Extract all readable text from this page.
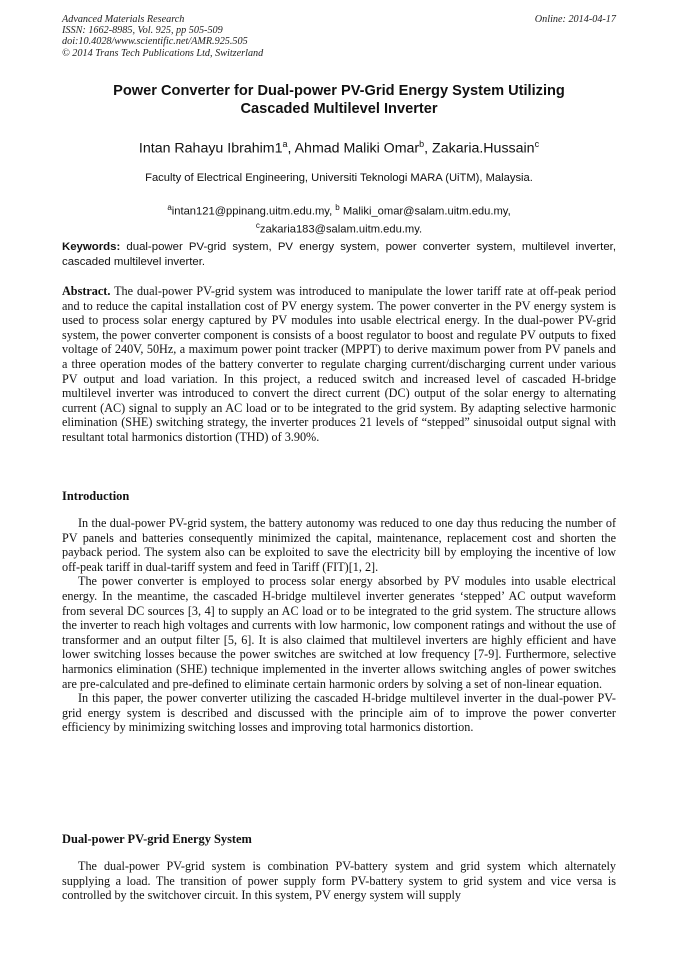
Advanced Materials Research
ISSN: 1662-8985, Vol. 925, pp 505-509
doi:10.4028/www.scientific.net/AMR.925.505
© 2014 Trans Tech Publications Ltd, Switzerland
Online: 2014-04-17
Power Converter for Dual-power PV-Grid Energy System Utilizing
Cascaded Multilevel Inverter
Intan Rahayu Ibrahim1$^a$, Ahmad Maliki Omar$^b$, Zakaria.Hussain$^c$
Faculty of Electrical Engineering, Universiti Teknologi MARA (UiTM), Malaysia.
$^a$intan121@ppinang.uitm.edu.my, $^b$ Maliki_omar@salam.uitm.edu.my,
$^c$zakaria183@salam.uitm.edu.my.
Keywords: dual-power PV-grid system, PV energy system, power converter system, multilevel inverter, cascaded multilevel inverter.
Abstract. The dual-power PV-grid system was introduced to manipulate the lower tariff rate at off-peak period and to reduce the capital installation cost of PV energy system. The power converter in the PV energy system is used to process solar energy captured by PV modules into usable electrical energy. In the dual-power PV-grid system, the power converter component is consists of a boost regulator to boost and regulate PV outputs to fixed voltage of 240V, 50Hz, a maximum power point tracker (MPPT) to derive maximum power from PV panels and a three operation modes of the battery converter to regulate charging current/discharging current under various PV output and load variation. In this project, a reduced switch and increased level of cascaded H-bridge multilevel inverter was introduced to convert the direct current (DC) output of the solar energy to alternating current (AC) signal to supply an AC load or to be integrated to the grid system. By adapting selective harmonic elimination (SHE) switching strategy, the inverter produces 21 levels of “stepped” sinusoidal output signal with resultant total harmonics distortion (THD) of 3.90%.
Introduction

In the dual-power PV-grid system, the battery autonomy was reduced to one day thus reducing the number of PV panels and batteries consequently minimized the capital, maintenance, replacement cost and shorten the payback period. The system also can be exploited to save the electricity bill by employing the incentive of low off-peak tariff in dual-tariff system and feed in Tariff (FIT)[1, 2].

The power converter is employed to process solar energy absorbed by PV modules into usable electrical energy. In the meantime, the cascaded H-bridge multilevel inverter generates ‘stepped’ AC output waveform from several DC sources [3, 4] to supply an AC load or to be integrated to the grid system. The structure allows the inverter to reach high voltages and currents with low harmonic, low component ratings and without the use of transformer and an output filter [5, 6]. It is also claimed that multilevel inverters are highly efficient and have lower switching losses because the power switches are switched at low frequency [7-9]. Furthermore, selective harmonics elimination (SHE) technique implemented in the inverter allows switching angles of power switches are pre-calculated and pre-defined to eliminate certain harmonic orders by solving a set of non-linear equation.

In this paper, the power converter utilizing the cascaded H-bridge multilevel inverter in the dual-power PV-grid energy system is described and discussed with the principle aim of to improve the power converter efficiency by minimizing switching losses and improving total harmonics distortion.

Dual-power PV-grid Energy System

The dual-power PV-grid system is combination PV-battery system and grid system which alternately supplying a load. The transition of power supply form PV-battery system to grid system and vice versa is controlled by the switchover circuit. In this system, PV energy system will supply
